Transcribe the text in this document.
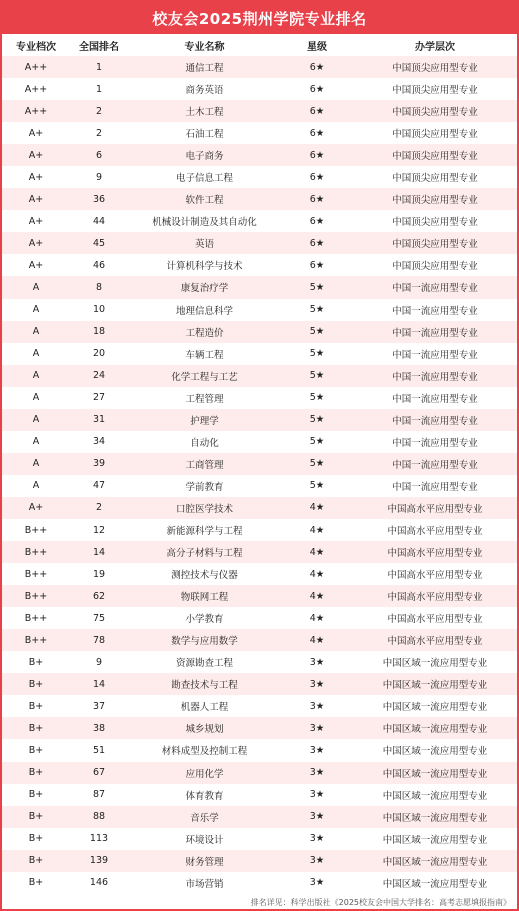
校友会2025荆州学院专业排名
专业档次	全国排名	专业名称	星级	办学层次
A++	1	通信工程	6★	中国顶尖应用型专业
A++	1	商务英语	6★	中国顶尖应用型专业
A++	2	土木工程	6★	中国顶尖应用型专业
A+	2	石油工程	6★	中国顶尖应用型专业
A+	6	电子商务	6★	中国顶尖应用型专业
A+	9	电子信息工程	6★	中国顶尖应用型专业
A+	36	软件工程	6★	中国顶尖应用型专业
A+	44	机械设计制造及其自动化	6★	中国顶尖应用型专业
A+	45	英语	6★	中国顶尖应用型专业
A+	46	计算机科学与技术	6★	中国顶尖应用型专业
A	8	康复治疗学	5★	中国一流应用型专业
A	10	地理信息科学	5★	中国一流应用型专业
A	18	工程造价	5★	中国一流应用型专业
A	20	车辆工程	5★	中国一流应用型专业
A	24	化学工程与工艺	5★	中国一流应用型专业
A	27	工程管理	5★	中国一流应用型专业
A	31	护理学	5★	中国一流应用型专业
A	34	自动化	5★	中国一流应用型专业
A	39	工商管理	5★	中国一流应用型专业
A	47	学前教育	5★	中国一流应用型专业
A+	2	口腔医学技术	4★	中国高水平应用型专业
B++	12	新能源科学与工程	4★	中国高水平应用型专业
B++	14	高分子材料与工程	4★	中国高水平应用型专业
B++	19	测控技术与仪器	4★	中国高水平应用型专业
B++	62	物联网工程	4★	中国高水平应用型专业
B++	75	小学教育	4★	中国高水平应用型专业
B++	78	数学与应用数学	4★	中国高水平应用型专业
B+	9	资源勘查工程	3★	中国区域一流应用型专业
B+	14	勘查技术与工程	3★	中国区域一流应用型专业
B+	37	机器人工程	3★	中国区域一流应用型专业
B+	38	城乡规划	3★	中国区域一流应用型专业
B+	51	材料成型及控制工程	3★	中国区域一流应用型专业
B+	67	应用化学	3★	中国区域一流应用型专业
B+	87	体育教育	3★	中国区域一流应用型专业
B+	88	音乐学	3★	中国区域一流应用型专业
B+	113	环境设计	3★	中国区域一流应用型专业
B+	139	财务管理	3★	中国区域一流应用型专业
B+	146	市场营销	3★	中国区域一流应用型专业
排名详见：科学出版社《2025校友会中国大学排名：高考志愿填报指南》
